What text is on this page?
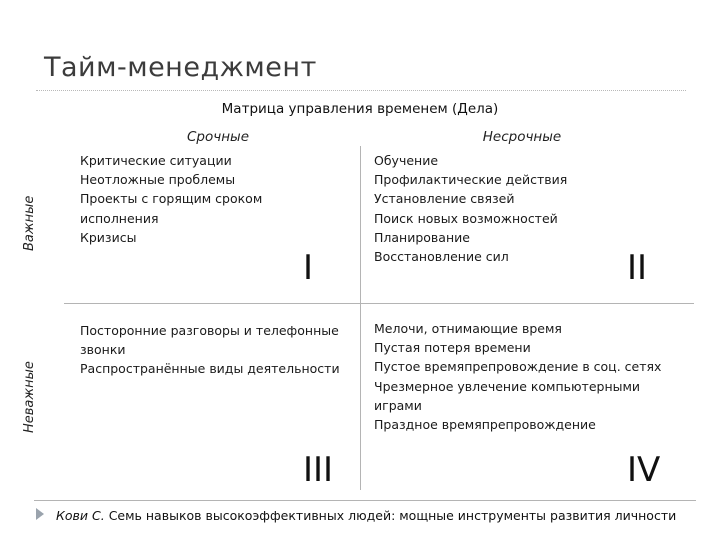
Тайм-менеджмент
Матрица управления временем (Дела)
Срочные	Несрочные
Важные
Неважные
Критические ситуации
Неотложные проблемы
Проекты с горящим сроком исполнения
Кризисы
I
Обучение
Профилактические действия
Установление связей
Поиск новых возможностей
Планирование
Восстановление сил	II
Посторонние разговоры и телефонные звонки
Распространённые виды деятельности
III
Мелочи, отнимающие время
Пустая потеря времени
Пустое времяпрепровождение в соц. сетях
Чрезмерное увлечение компьютерными играми
Праздное времяпрепровождение
IV
Кови С. Семь навыков высокоэффективных людей: мощные инструменты развития личности
